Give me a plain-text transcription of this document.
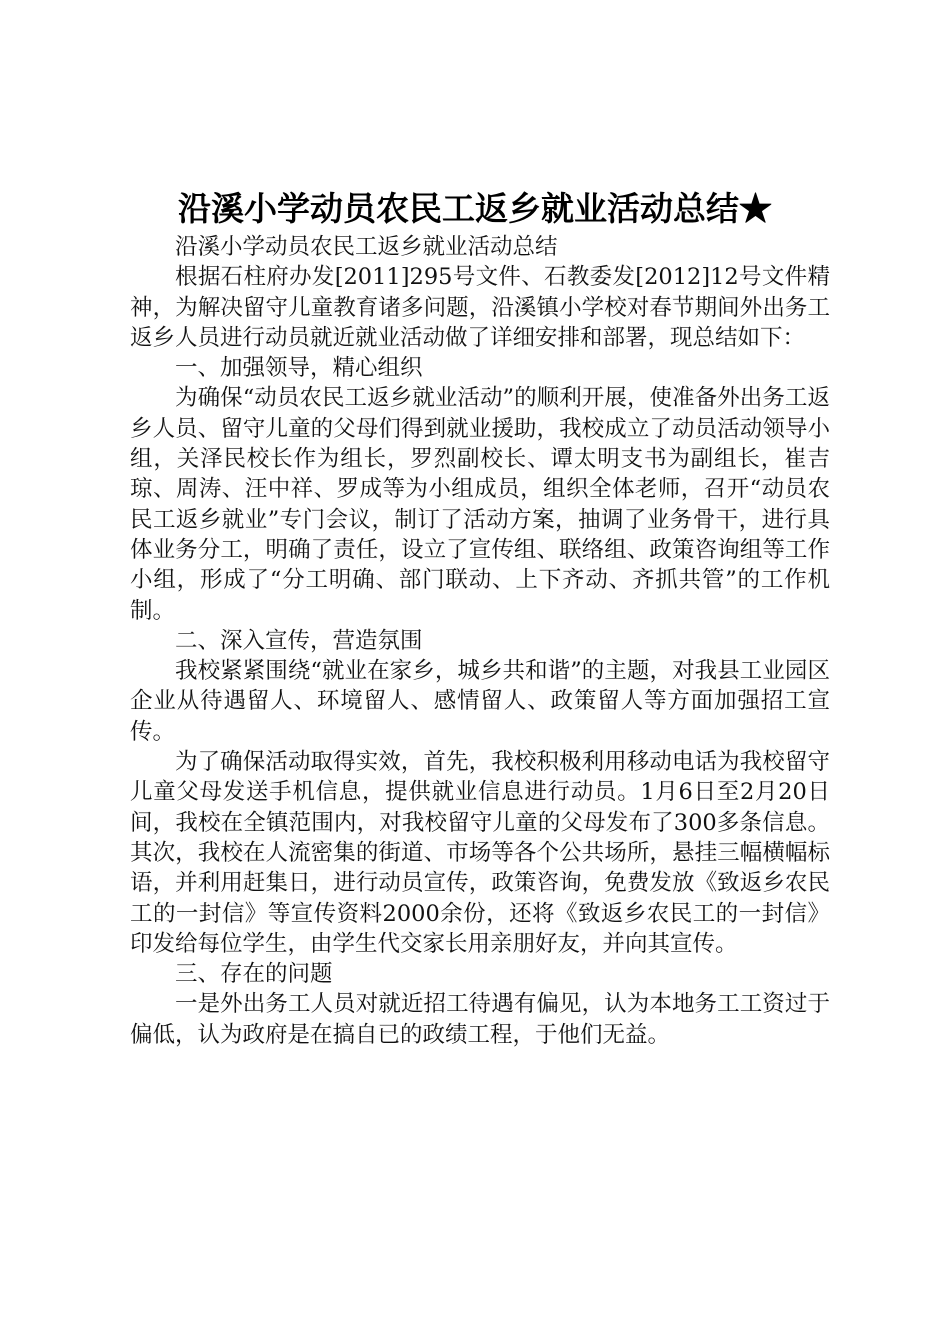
沿溪小学动员农民工返乡就业活动总结★

沿溪小学动员农民工返乡就业活动总结

根据石柱府办发[2011]295号文件、石教委发[2012]12号文件精神，为解决留守儿童教育诸多问题，沿溪镇小学校对春节期间外出务工返乡人员进行动员就近就业活动做了详细安排和部署，现总结如下：

一、加强领导，精心组织

为确保“动员农民工返乡就业活动”的顺利开展，使准备外出务工返乡人员、留守儿童的父母们得到就业援助，我校成立了动员活动领导小组，关泽民校长作为组长，罗烈副校长、谭太明支书为副组长，崔吉琼、周涛、汪中祥、罗成等为小组成员，组织全体老师，召开“动员农民工返乡就业”专门会议，制订了活动方案，抽调了业务骨干，进行具体业务分工，明确了责任，设立了宣传组、联络组、政策咨询组等工作小组，形成了“分工明确、部门联动、上下齐动、齐抓共管”的工作机制。

二、深入宣传，营造氛围

我校紧紧围绕“就业在家乡，城乡共和谐”的主题，对我县工业园区企业从待遇留人、环境留人、感情留人、政策留人等方面加强招工宣传。

为了确保活动取得实效，首先，我校积极利用移动电话为我校留守儿童父母发送手机信息，提供就业信息进行动员。1月6日至2月20日间，我校在全镇范围内，对我校留守儿童的父母发布了300多条信息。其次，我校在人流密集的街道、市场等各个公共场所，悬挂三幅横幅标语，并利用赶集日，进行动员宣传，政策咨询，免费发放《致返乡农民工的一封信》等宣传资料2000余份，还将《致返乡农民工的一封信》印发给每位学生，由学生代交家长用亲朋好友，并向其宣传。

三、存在的问题

一是外出务工人员对就近招工待遇有偏见，认为本地务工工资过于偏低，认为政府是在搞自已的政绩工程，于他们无益。
